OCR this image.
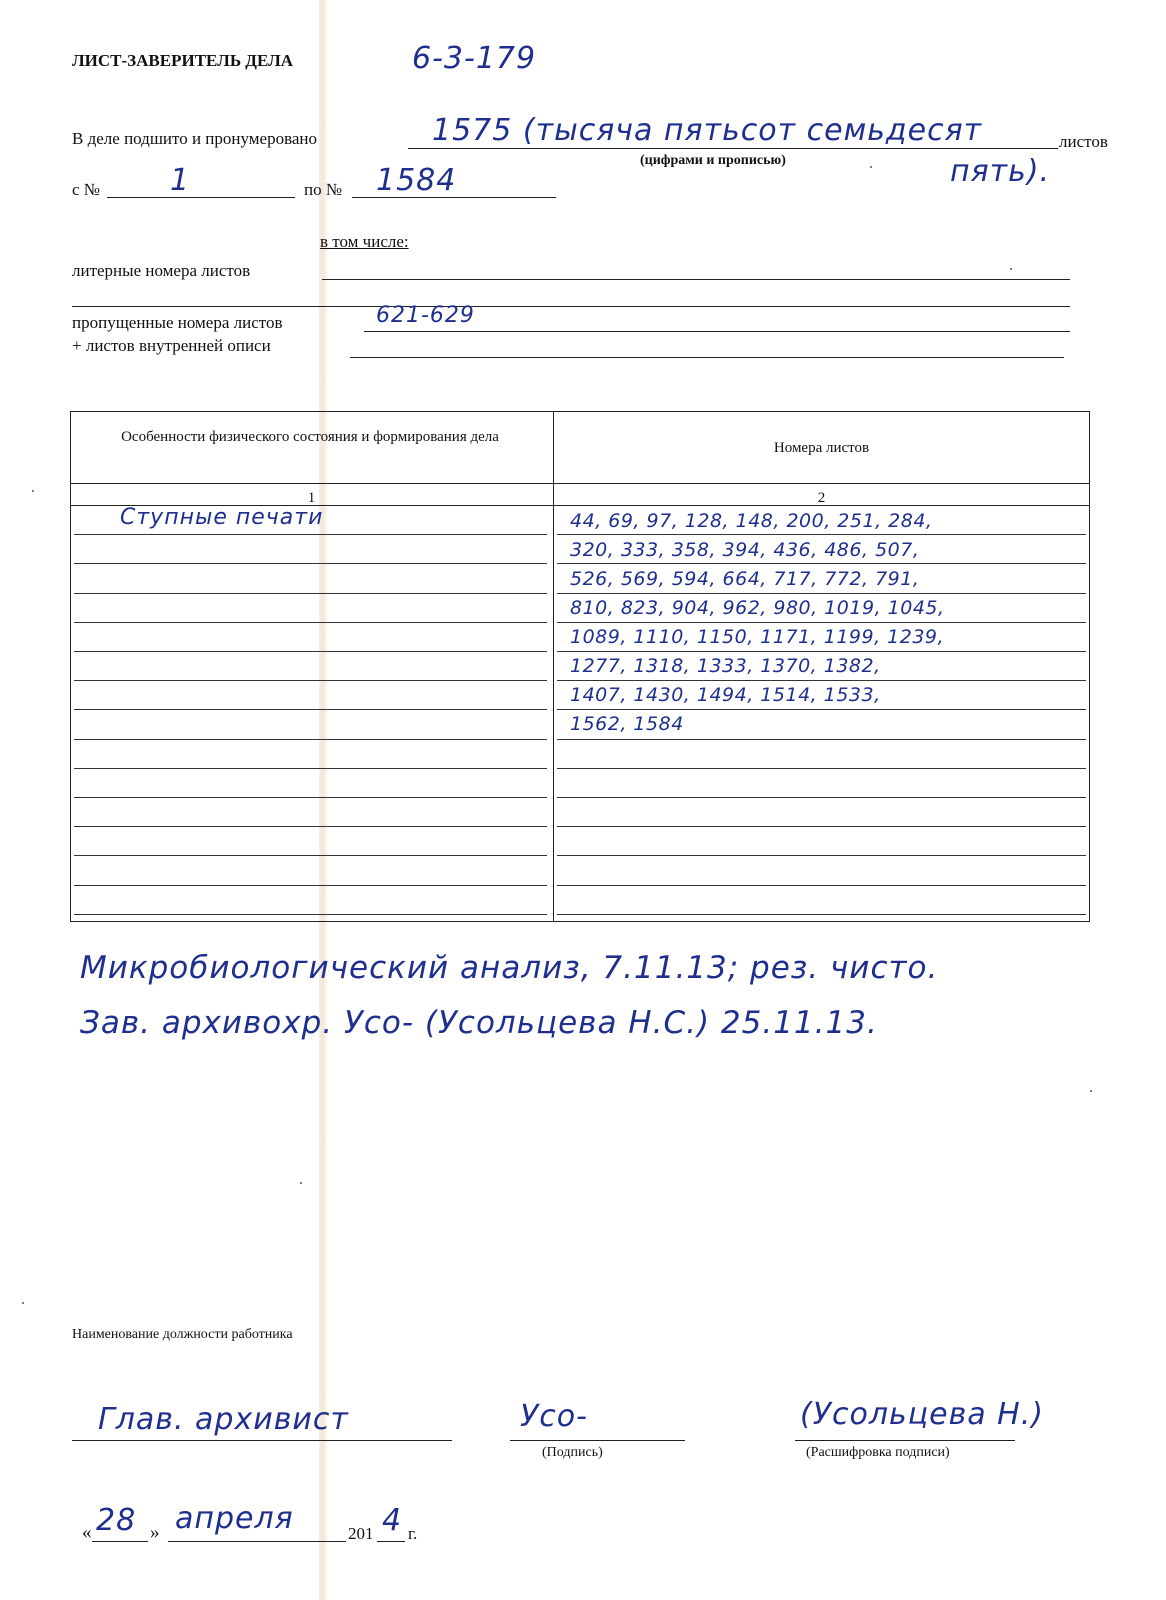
ЛИСТ-ЗАВЕРИТЕЛЬ ДЕЛА	6-3-179
В деле подшито и пронумеровано	1575 (тысяча пятьсот семьдесят	листов
(цифрами и прописью)	пять).
с № 1	по № 1584
в том числе:
литерные номера листов
пропущенные номера листов	621-629
+ листов внутренней описи
Особенности физического состояния и формирования дела
Номера листов
1	2
Ступные печати	44, 69, 97, 128, 148, 200, 251, 284,
320, 333, 358, 394, 436, 486, 507,
526, 569, 594, 664, 717, 772, 791,
810, 823, 904, 962, 980, 1019, 1045,
1089, 1110, 1150, 1171, 1199, 1239,
1277, 1318, 1333, 1370, 1382,
1407, 1430, 1494, 1514, 1533,
1562, 1584
Микробиологический анализ, 7.11.13; рез. чисто.
Зав. архивохр. Усо- (Усольцева Н.С.) 25.11.13.
Наименование должности работника
Глав. архивист	Усо-
(Подпись)
(Усольцева Н.)
(Расшифровка подписи)
« 28 » апреля	201 4 г.
